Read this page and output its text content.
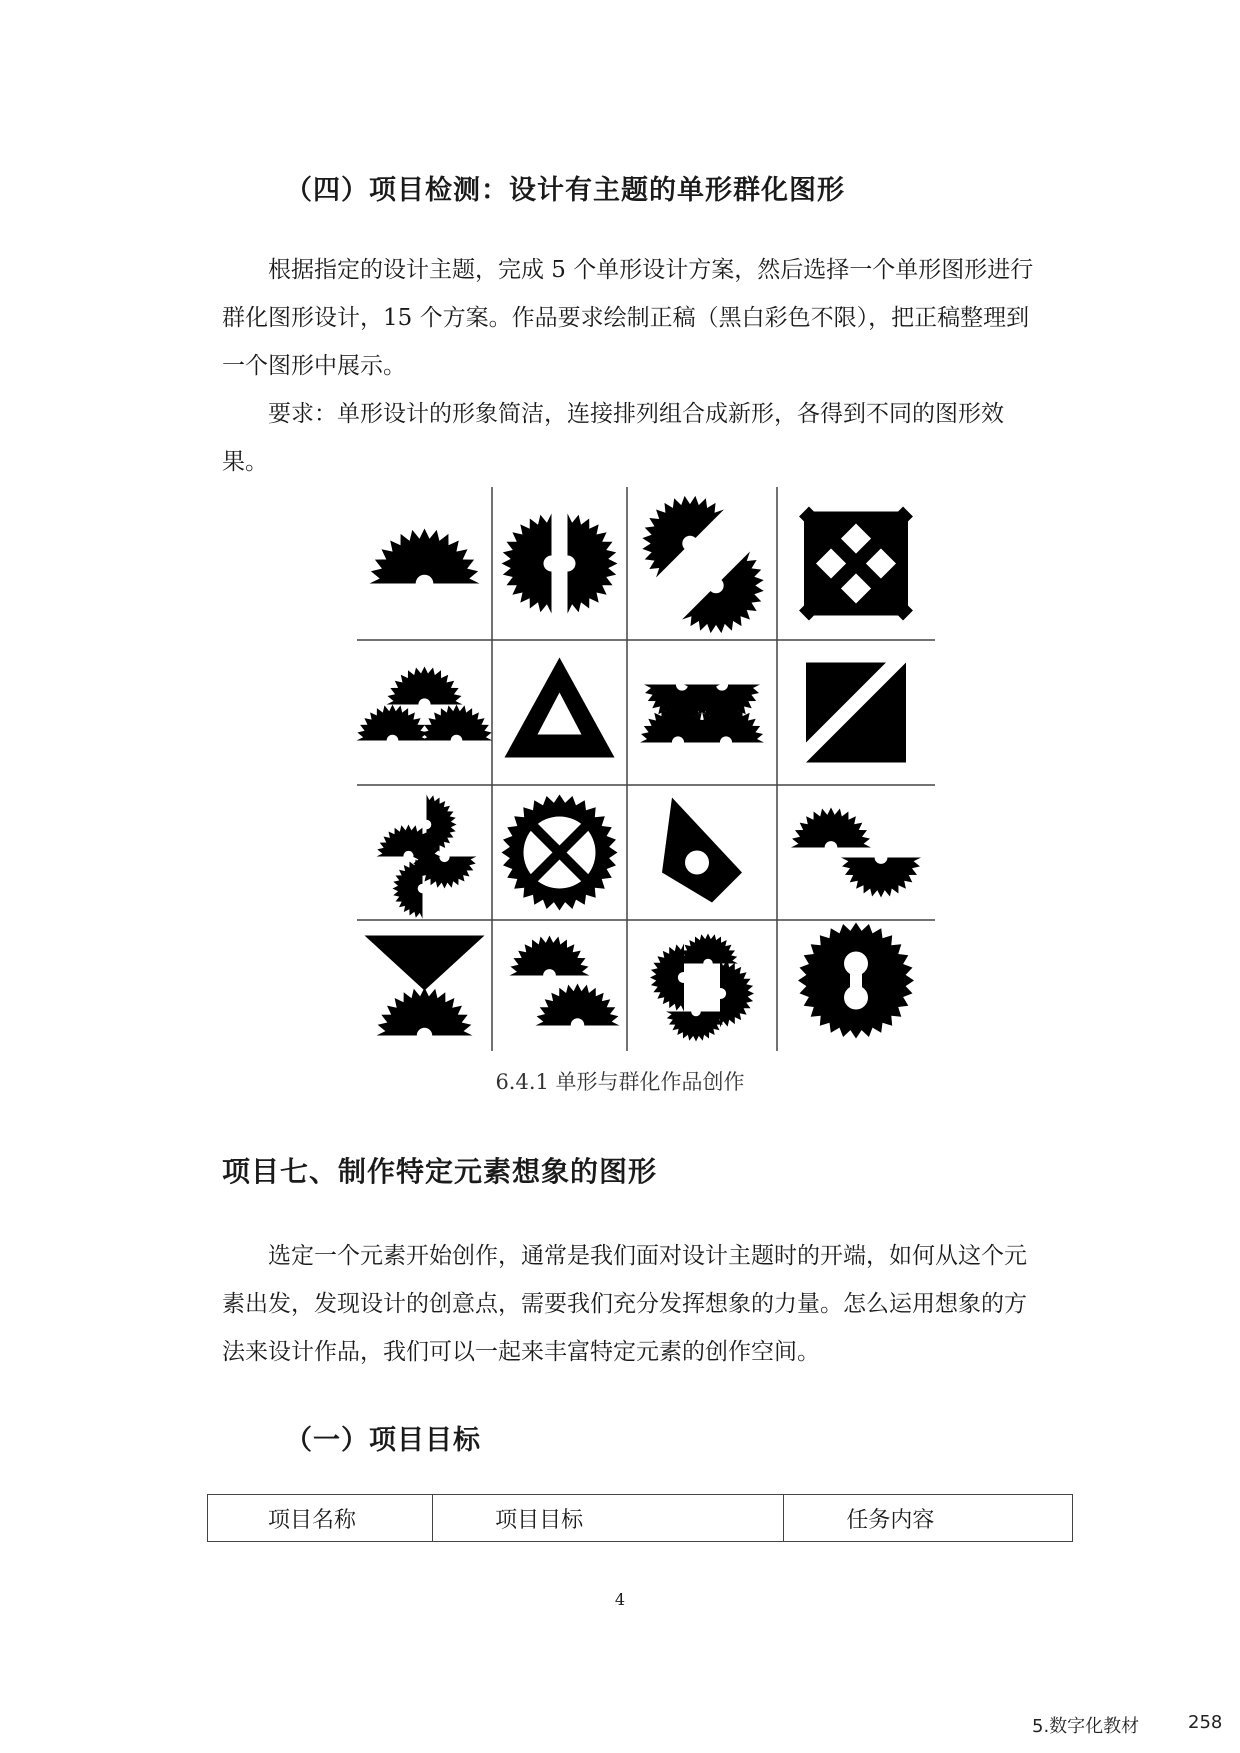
（四）项目检测：设计有主题的单形群化图形

根据指定的设计主题，完成 5 个单形设计方案，然后选择一个单形图形进行群化图形设计，15 个方案。作品要求绘制正稿（黑白彩色不限），把正稿整理到一个图形中展示。

要求：单形设计的形象简洁，连接排列组合成新形，各得到不同的图形效果。

6.4.1 单形与群化作品创作
项目七、制作特定元素想象的图形

选定一个元素开始创作，通常是我们面对设计主题时的开端，如何从这个元素出发，发现设计的创意点，需要我们充分发挥想象的力量。怎么运用想象的方法来设计作品，我们可以一起来丰富特定元素的创作空间。

（一）项目目标
项目名称	项目目标	任务内容
4
5.数字化教材	258
